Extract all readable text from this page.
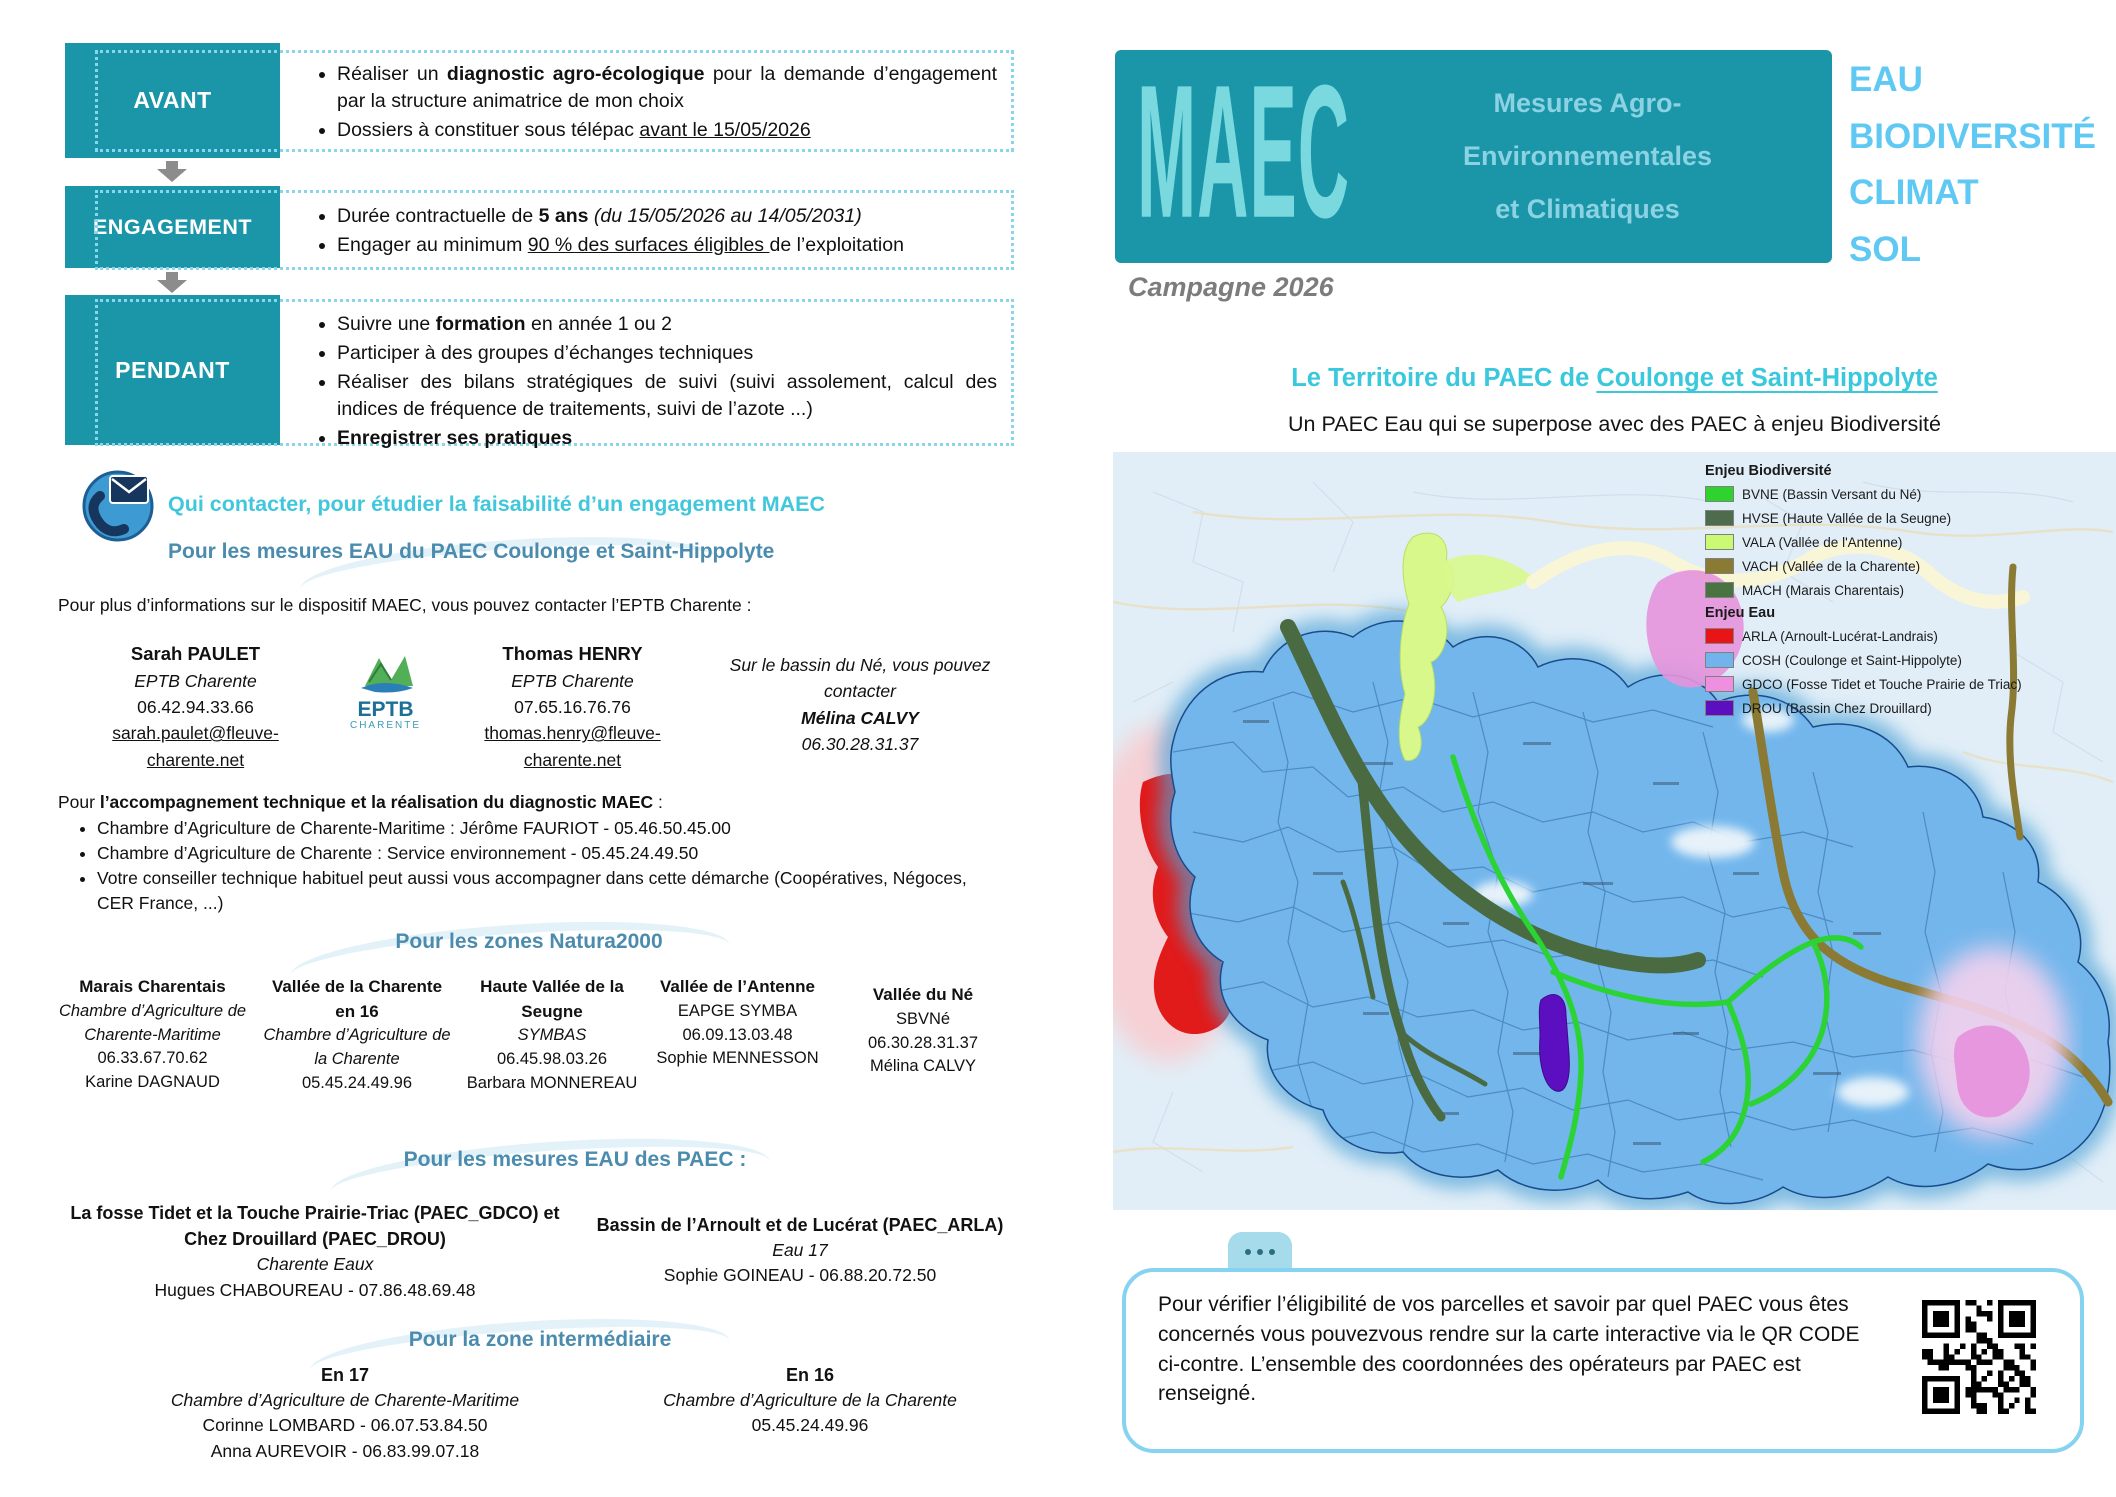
AVANT
• Réaliser un diagnostic agro-écologique pour la demande d’engagement par la structure animatrice de mon choix
• Dossiers à constituer sous télépac avant le 15/05/2026
ENGAGEMENT	• Durée contractuelle de 5 ans (du 15/05/2026 au 14/05/2031)
• Engager au minimum 90 % des surfaces éligibles de l’exploitation
PENDANT
• Suivre une formation en année 1 ou 2
• Participer à des groupes d’échanges techniques
• Réaliser des bilans stratégiques de suivi (suivi assolement, calcul des indices de fréquence de traitements, suivi de l’azote ...)
• Enregistrer ses pratiques
Qui contacter, pour étudier la faisabilité d’un engagement MAEC
Pour les mesures EAU du PAEC Coulonge et Saint-Hippolyte
Pour plus d’informations sur le dispositif MAEC, vous pouvez contacter l’EPTB Charente :
Sarah PAULET
EPTB Charente
06.42.94.33.66
sarah.paulet@fleuve-charente.net
EPTB
CHARENTE
Thomas HENRY
EPTB Charente
07.65.16.76.76
thomas.henry@fleuve-charente.net
Sur le bassin du Né, vous pouvez contacter
Mélina CALVY
06.30.28.31.37
Pour l’accompagnement technique et la réalisation du diagnostic MAEC :
• Chambre d’Agriculture de Charente-Maritime : Jérôme FAURIOT - 05.46.50.45.00
• Chambre d’Agriculture de Charente : Service environnement - 05.45.24.49.50
• Votre conseiller technique habituel peut aussi vous accompagner dans cette démarche (Coopératives, Négoces, CER France, ...)
Pour les zones Natura2000
Marais Charentais
Chambre d’Agriculture de Charente-Maritime
06.33.67.70.62
Karine DAGNAUD
Vallée de la Charente en 16
Chambre d’Agriculture de la Charente
05.45.24.49.96
Haute Vallée de la Seugne
SYMBAS
06.45.98.03.26
Barbara MONNEREAU
Vallée de l’Antenne
EAPGE SYMBA
06.09.13.03.48
Sophie MENNESSON
Vallée du Né
SBVNé
06.30.28.31.37
Mélina CALVY
Pour les mesures EAU des PAEC :
La fosse Tidet et la Touche Prairie-Triac (PAEC_GDCO) et Chez Drouillard (PAEC_DROU)
Charente Eaux
Hugues CHABOUREAU - 07.86.48.69.48
Bassin de l’Arnoult et de Lucérat (PAEC_ARLA)
Eau 17
Sophie GOINEAU - 06.88.20.72.50
Pour la zone intermédiaire
En 17
Chambre d’Agriculture de Charente-Maritime
Corinne LOMBARD - 06.07.53.84.50
Anna AUREVOIR - 06.83.99.07.18
En 16
Chambre d’Agriculture de la Charente
05.45.24.49.96
MAEC	Mesures Agro-
Environnementales
et Climatiques
EAU
BIODIVERSITÉ
CLIMAT
SOL
Campagne 2026
Le Territoire du PAEC de Coulonge et Saint-Hippolyte
Un PAEC Eau qui se superpose avec des PAEC à enjeu Biodiversité
Enjeu Biodiversité
BVNE (Bassin Versant du Né)
HVSE (Haute Vallée de la Seugne)
VALA (Vallée de l'Antenne)
VACH (Vallée de la Charente)
MACH (Marais Charentais)
Enjeu Eau
ARLA (Arnoult-Lucérat-Landrais)
COSH (Coulonge et Saint-Hippolyte)
GDCO (Fosse Tidet et Touche Prairie de Triac)
DROU (Bassin Chez Drouillard)
Pour vérifier l’éligibilité de vos parcelles et savoir par quel PAEC vous êtes concernés vous pouvezvous rendre sur la carte interactive via le QR CODE ci-contre. L’ensemble des coordonnées des opérateurs par PAEC est renseigné.
